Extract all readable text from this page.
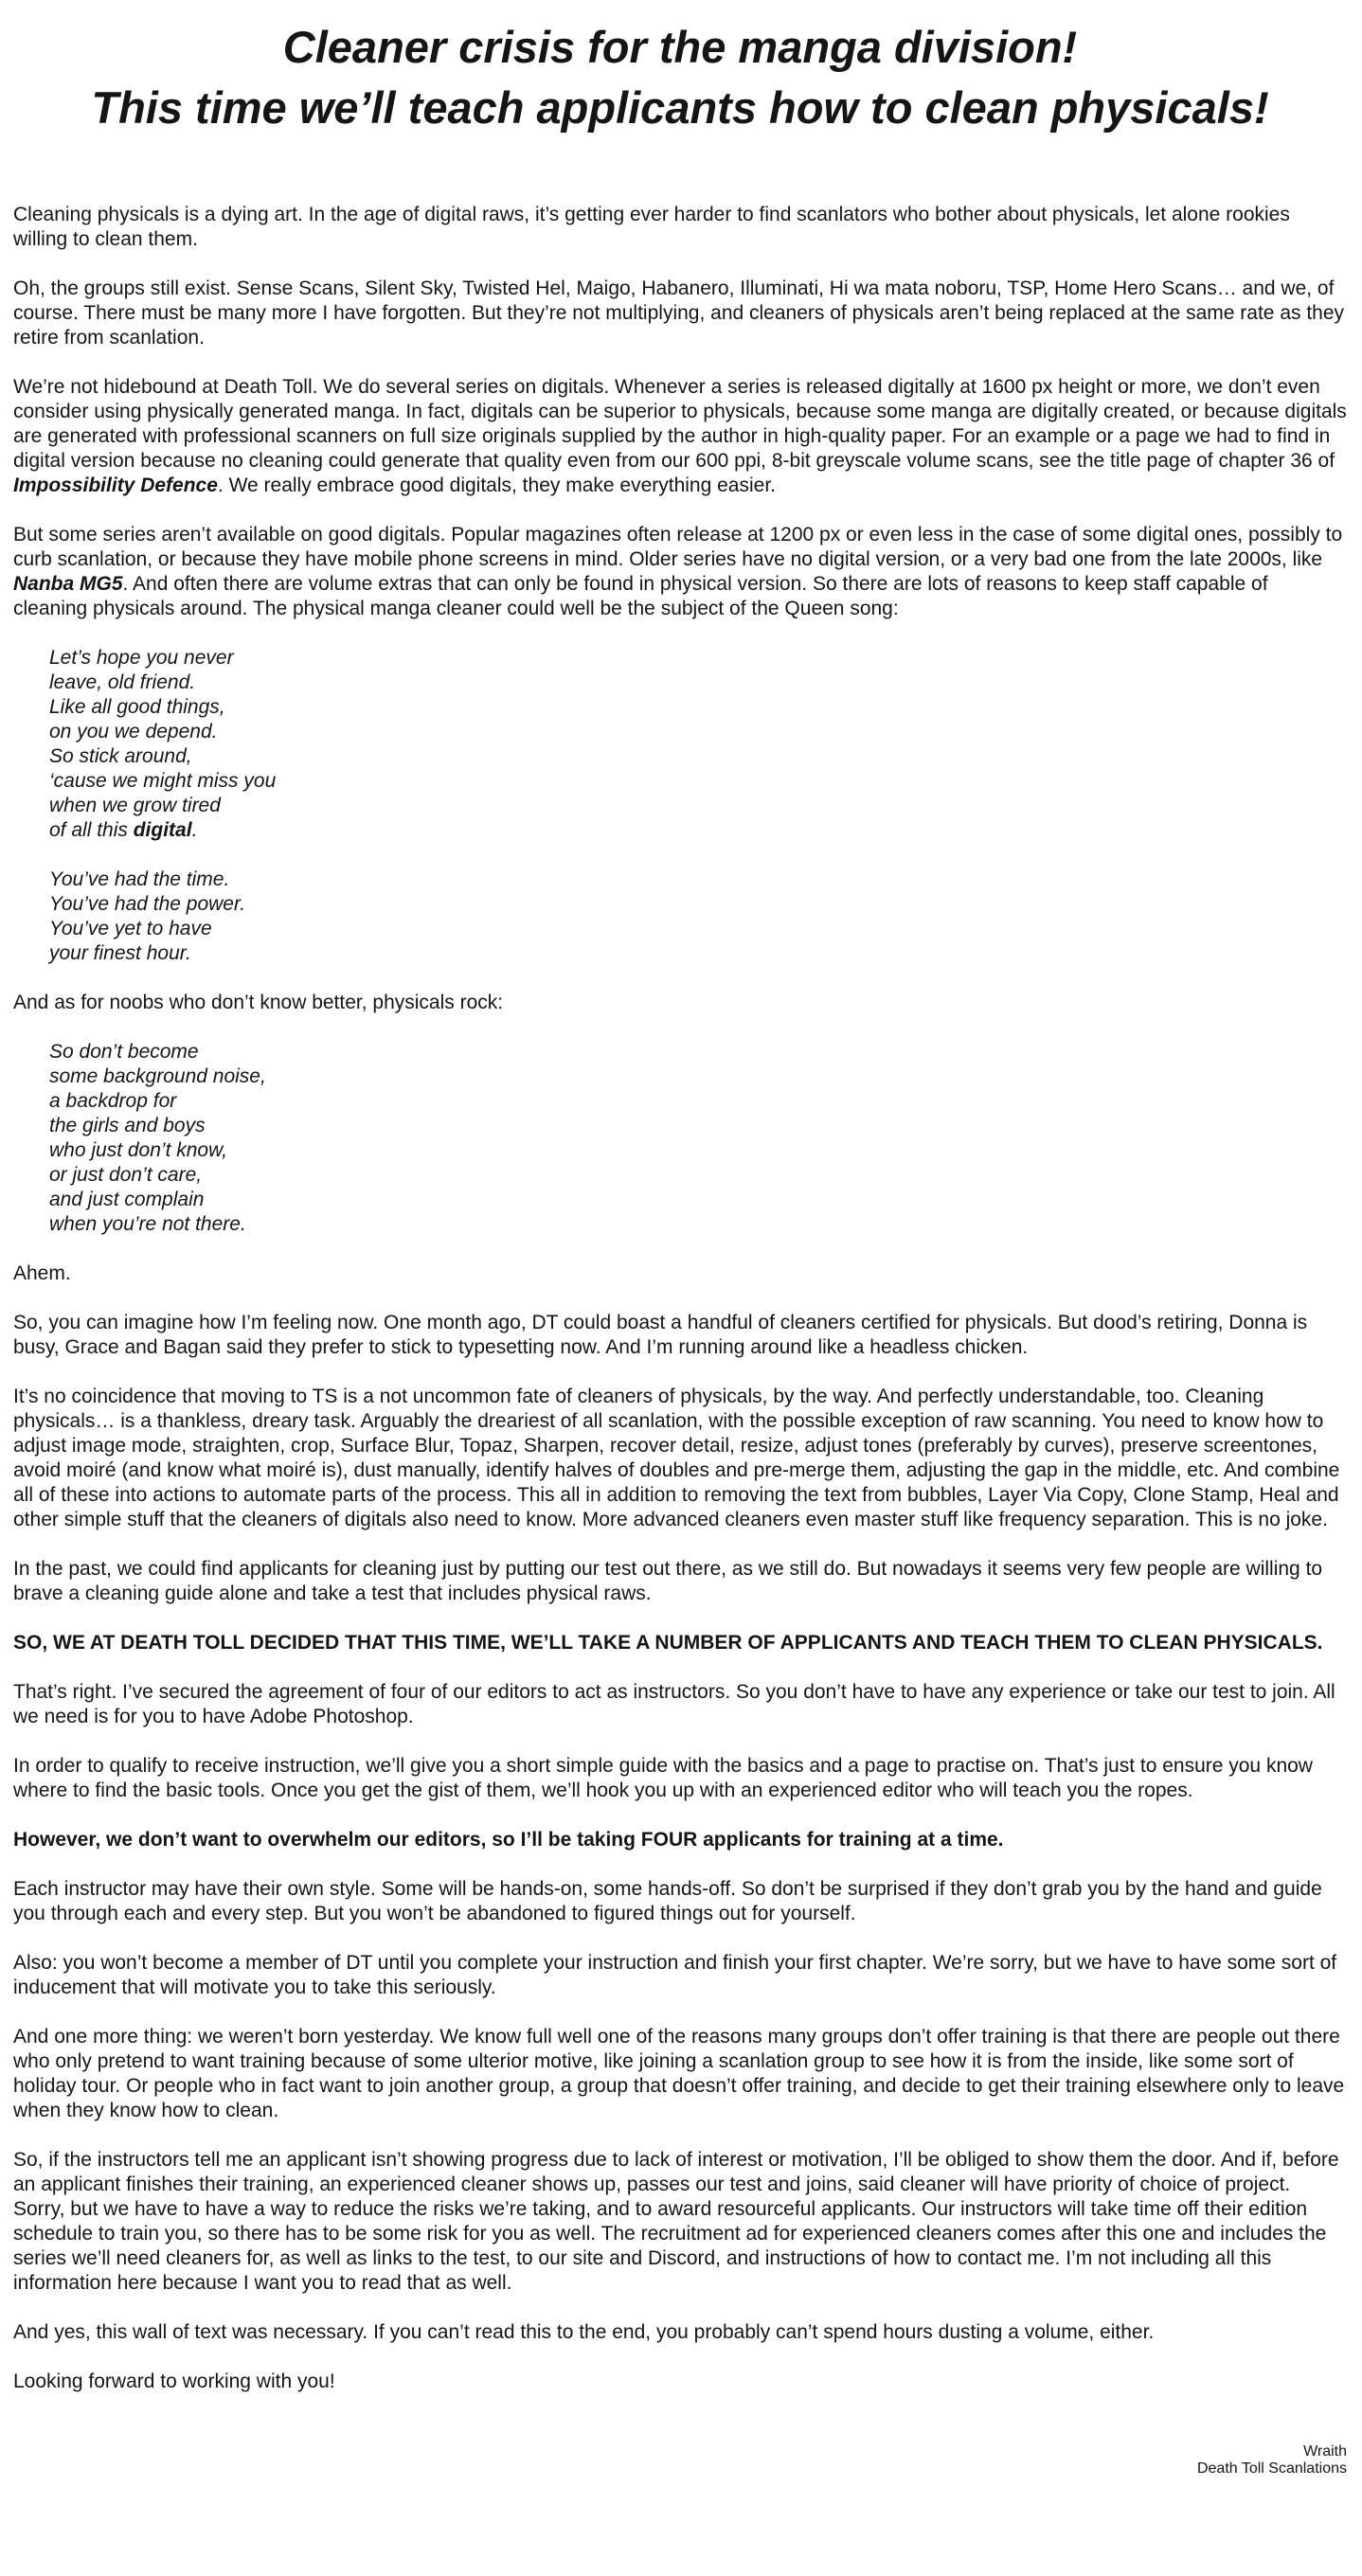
Cleaner crisis for the manga division!
This time we’ll teach applicants how to clean physicals!

Cleaning physicals is a dying art. In the age of digital raws, it’s getting ever harder to find scanlators who bother about physicals, let alone rookies willing to clean them.

Oh, the groups still exist. Sense Scans, Silent Sky, Twisted Hel, Maigo, Habanero, Illuminati, Hi wa mata noboru, TSP, Home Hero Scans… and we, of course. There must be many more I have forgotten. But they’re not multiplying, and cleaners of physicals aren’t being replaced at the same rate as they retire from scanlation.

We’re not hidebound at Death Toll. We do several series on digitals. Whenever a series is released digitally at 1600 px height or more, we don’t even consider using physically generated manga. In fact, digitals can be superior to physicals, because some manga are digitally created, or because digitals are generated with professional scanners on full size originals supplied by the author in high-quality paper. For an example or a page we had to find in digital version because no cleaning could generate that quality even from our 600 ppi, 8-bit greyscale volume scans, see the title page of chapter 36 of Impossibility Defence. We really embrace good digitals, they make everything easier.

But some series aren’t available on good digitals. Popular magazines often release at 1200 px or even less in the case of some digital ones, possibly to curb scanlation, or because they have mobile phone screens in mind. Older series have no digital version, or a very bad one from the late 2000s, like Nanba MG5. And often there are volume extras that can only be found in physical version. So there are lots of reasons to keep staff capable of cleaning physicals around. The physical manga cleaner could well be the subject of the Queen song:

Let’s hope you never
leave, old friend.
Like all good things,
on you we depend.
So stick around,
‘cause we might miss you
when we grow tired
of all this digital.
You’ve had the time.
You’ve had the power.
You’ve yet to have
your finest hour.

And as for noobs who don’t know better, physicals rock:

So don’t become
some background noise,
a backdrop for
the girls and boys
who just don’t know,
or just don’t care,
and just complain
when you’re not there.

Ahem.

So, you can imagine how I’m feeling now. One month ago, DT could boast a handful of cleaners certified for physicals. But dood’s retiring, Donna is busy, Grace and Bagan said they prefer to stick to typesetting now. And I’m running around like a headless chicken.

It’s no coincidence that moving to TS is a not uncommon fate of cleaners of physicals, by the way. And perfectly understandable, too. Cleaning physicals… is a thankless, dreary task. Arguably the dreariest of all scanlation, with the possible exception of raw scanning. You need to know how to adjust image mode, straighten, crop, Surface Blur, Topaz, Sharpen, recover detail, resize, adjust tones (preferably by curves), preserve screentones, avoid moiré (and know what moiré is), dust manually, identify halves of doubles and pre-merge them, adjusting the gap in the middle, etc. And combine all of these into actions to automate parts of the process. This all in addition to removing the text from bubbles, Layer Via Copy, Clone Stamp, Heal and other simple stuff that the cleaners of digitals also need to know. More advanced cleaners even master stuff like frequency separation. This is no joke.

In the past, we could find applicants for cleaning just by putting our test out there, as we still do. But nowadays it seems very few people are willing to brave a cleaning guide alone and take a test that includes physical raws.

SO, WE AT DEATH TOLL DECIDED THAT THIS TIME, WE’LL TAKE A NUMBER OF APPLICANTS AND TEACH THEM TO CLEAN PHYSICALS.

That’s right. I’ve secured the agreement of four of our editors to act as instructors. So you don’t have to have any experience or take our test to join. All we need is for you to have Adobe Photoshop.

In order to qualify to receive instruction, we’ll give you a short simple guide with the basics and a page to practise on. That’s just to ensure you know where to find the basic tools. Once you get the gist of them, we’ll hook you up with an experienced editor who will teach you the ropes.

However, we don’t want to overwhelm our editors, so I’ll be taking FOUR applicants for training at a time.

Each instructor may have their own style. Some will be hands-on, some hands-off. So don’t be surprised if they don’t grab you by the hand and guide you through each and every step. But you won’t be abandoned to figured things out for yourself.

Also: you won’t become a member of DT until you complete your instruction and finish your first chapter. We’re sorry, but we have to have some sort of inducement that will motivate you to take this seriously.

And one more thing: we weren’t born yesterday. We know full well one of the reasons many groups don’t offer training is that there are people out there who only pretend to want training because of some ulterior motive, like joining a scanlation group to see how it is from the inside, like some sort of holiday tour. Or people who in fact want to join another group, a group that doesn’t offer training, and decide to get their training elsewhere only to leave when they know how to clean.

So, if the instructors tell me an applicant isn’t showing progress due to lack of interest or motivation, I’ll be obliged to show them the door. And if, before an applicant finishes their training, an experienced cleaner shows up, passes our test and joins, said cleaner will have priority of choice of project. Sorry, but we have to have a way to reduce the risks we’re taking, and to award resourceful applicants. Our instructors will take time off their edition schedule to train you, so there has to be some risk for you as well. The recruitment ad for experienced cleaners comes after this one and includes the series we’ll need cleaners for, as well as links to the test, to our site and Discord, and instructions of how to contact me. I’m not including all this information here because I want you to read that as well.

And yes, this wall of text was necessary. If you can’t read this to the end, you probably can’t spend hours dusting a volume, either.

Looking forward to working with you!

Wraith
Death Toll Scanlations
